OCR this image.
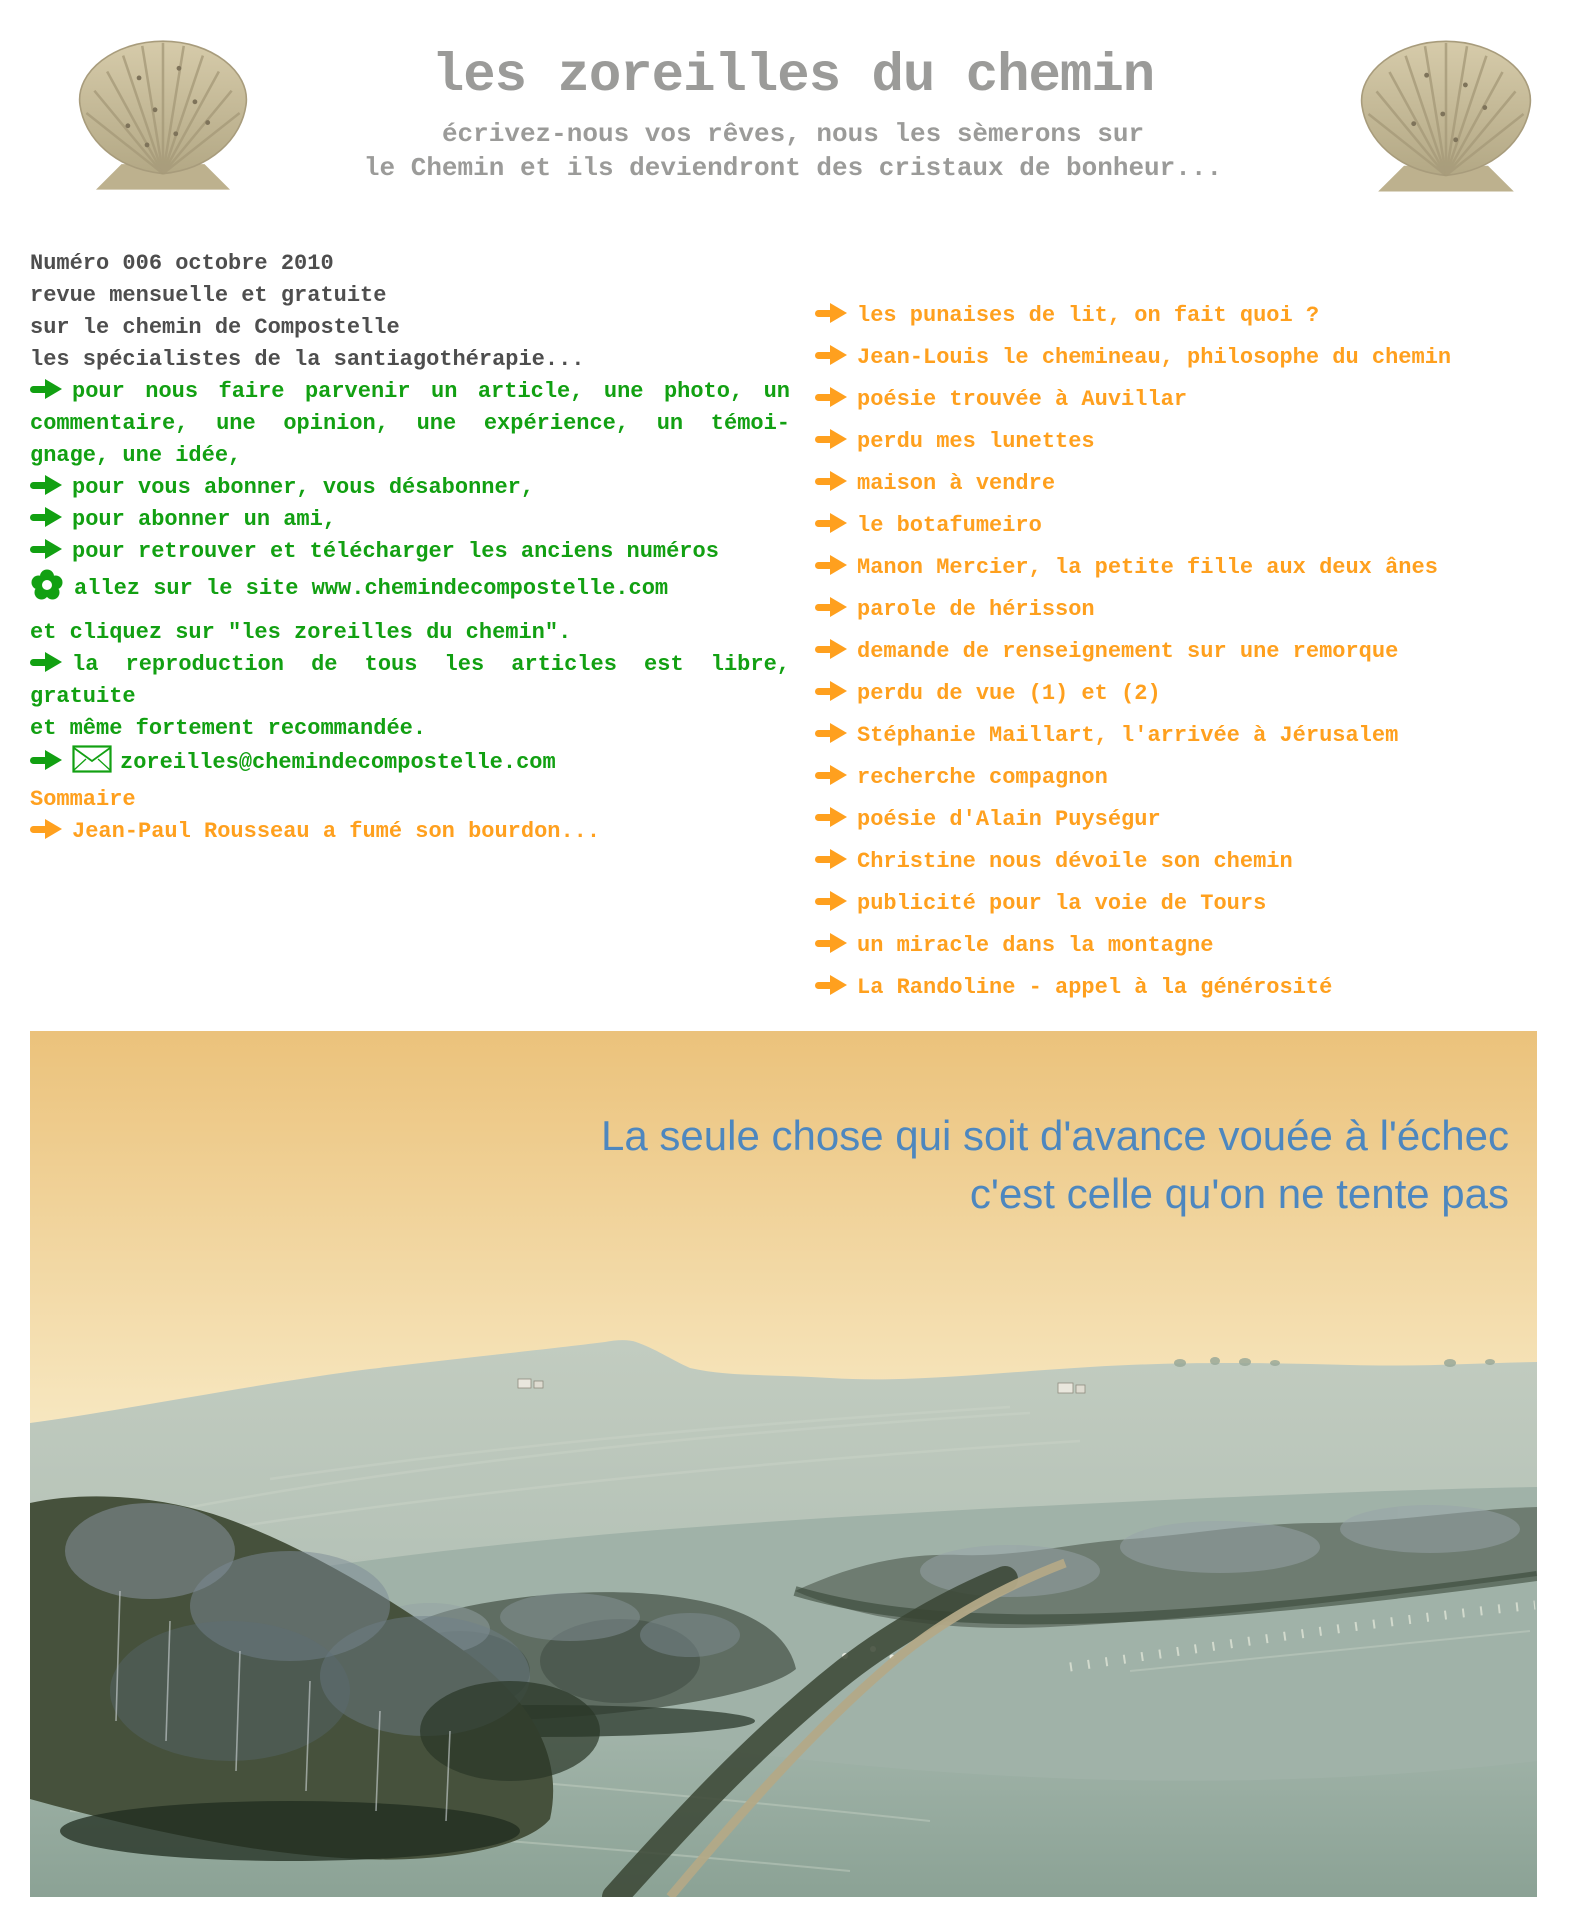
les zoreilles du chemin
écrivez-nous vos rêves, nous les sèmerons sur
le Chemin et ils deviendront des cristaux de bonheur...
Numéro 006 octobre 2010
revue mensuelle et gratuite
sur le chemin de Compostelle
les spécialistes de la santiagothérapie...
pour nous faire parvenir un article, une photo, un
commentaire, une opinion, une expérience, un témoi-
gnage, une idée,
pour vous abonner, vous désabonner,
pour abonner un ami,
pour retrouver et télécharger les anciens numéros
allez sur le site www.chemindecompostelle.com
et cliquez sur "les zoreilles du chemin".
la reproduction de tous les articles est libre, gratuite
et même fortement recommandée.
zoreilles@chemindecompostelle.com
Sommaire
Jean-Paul Rousseau a fumé son bourdon...
les punaises de lit, on fait quoi ?
Jean-Louis le chemineau, philosophe du chemin
poésie trouvée à Auvillar
perdu mes lunettes
maison à vendre
le botafumeiro
Manon Mercier, la petite fille aux deux ânes
parole de hérisson
demande de renseignement sur une remorque
perdu de vue (1) et (2)
Stéphanie Maillart, l'arrivée à Jérusalem
recherche compagnon
poésie d'Alain Puységur
Christine nous dévoile son chemin
publicité pour la voie de Tours
un miracle dans la montagne
La Randoline - appel à la générosité
La seule chose qui soit d'avance vouée à l'échec
c'est celle qu'on ne tente pas
